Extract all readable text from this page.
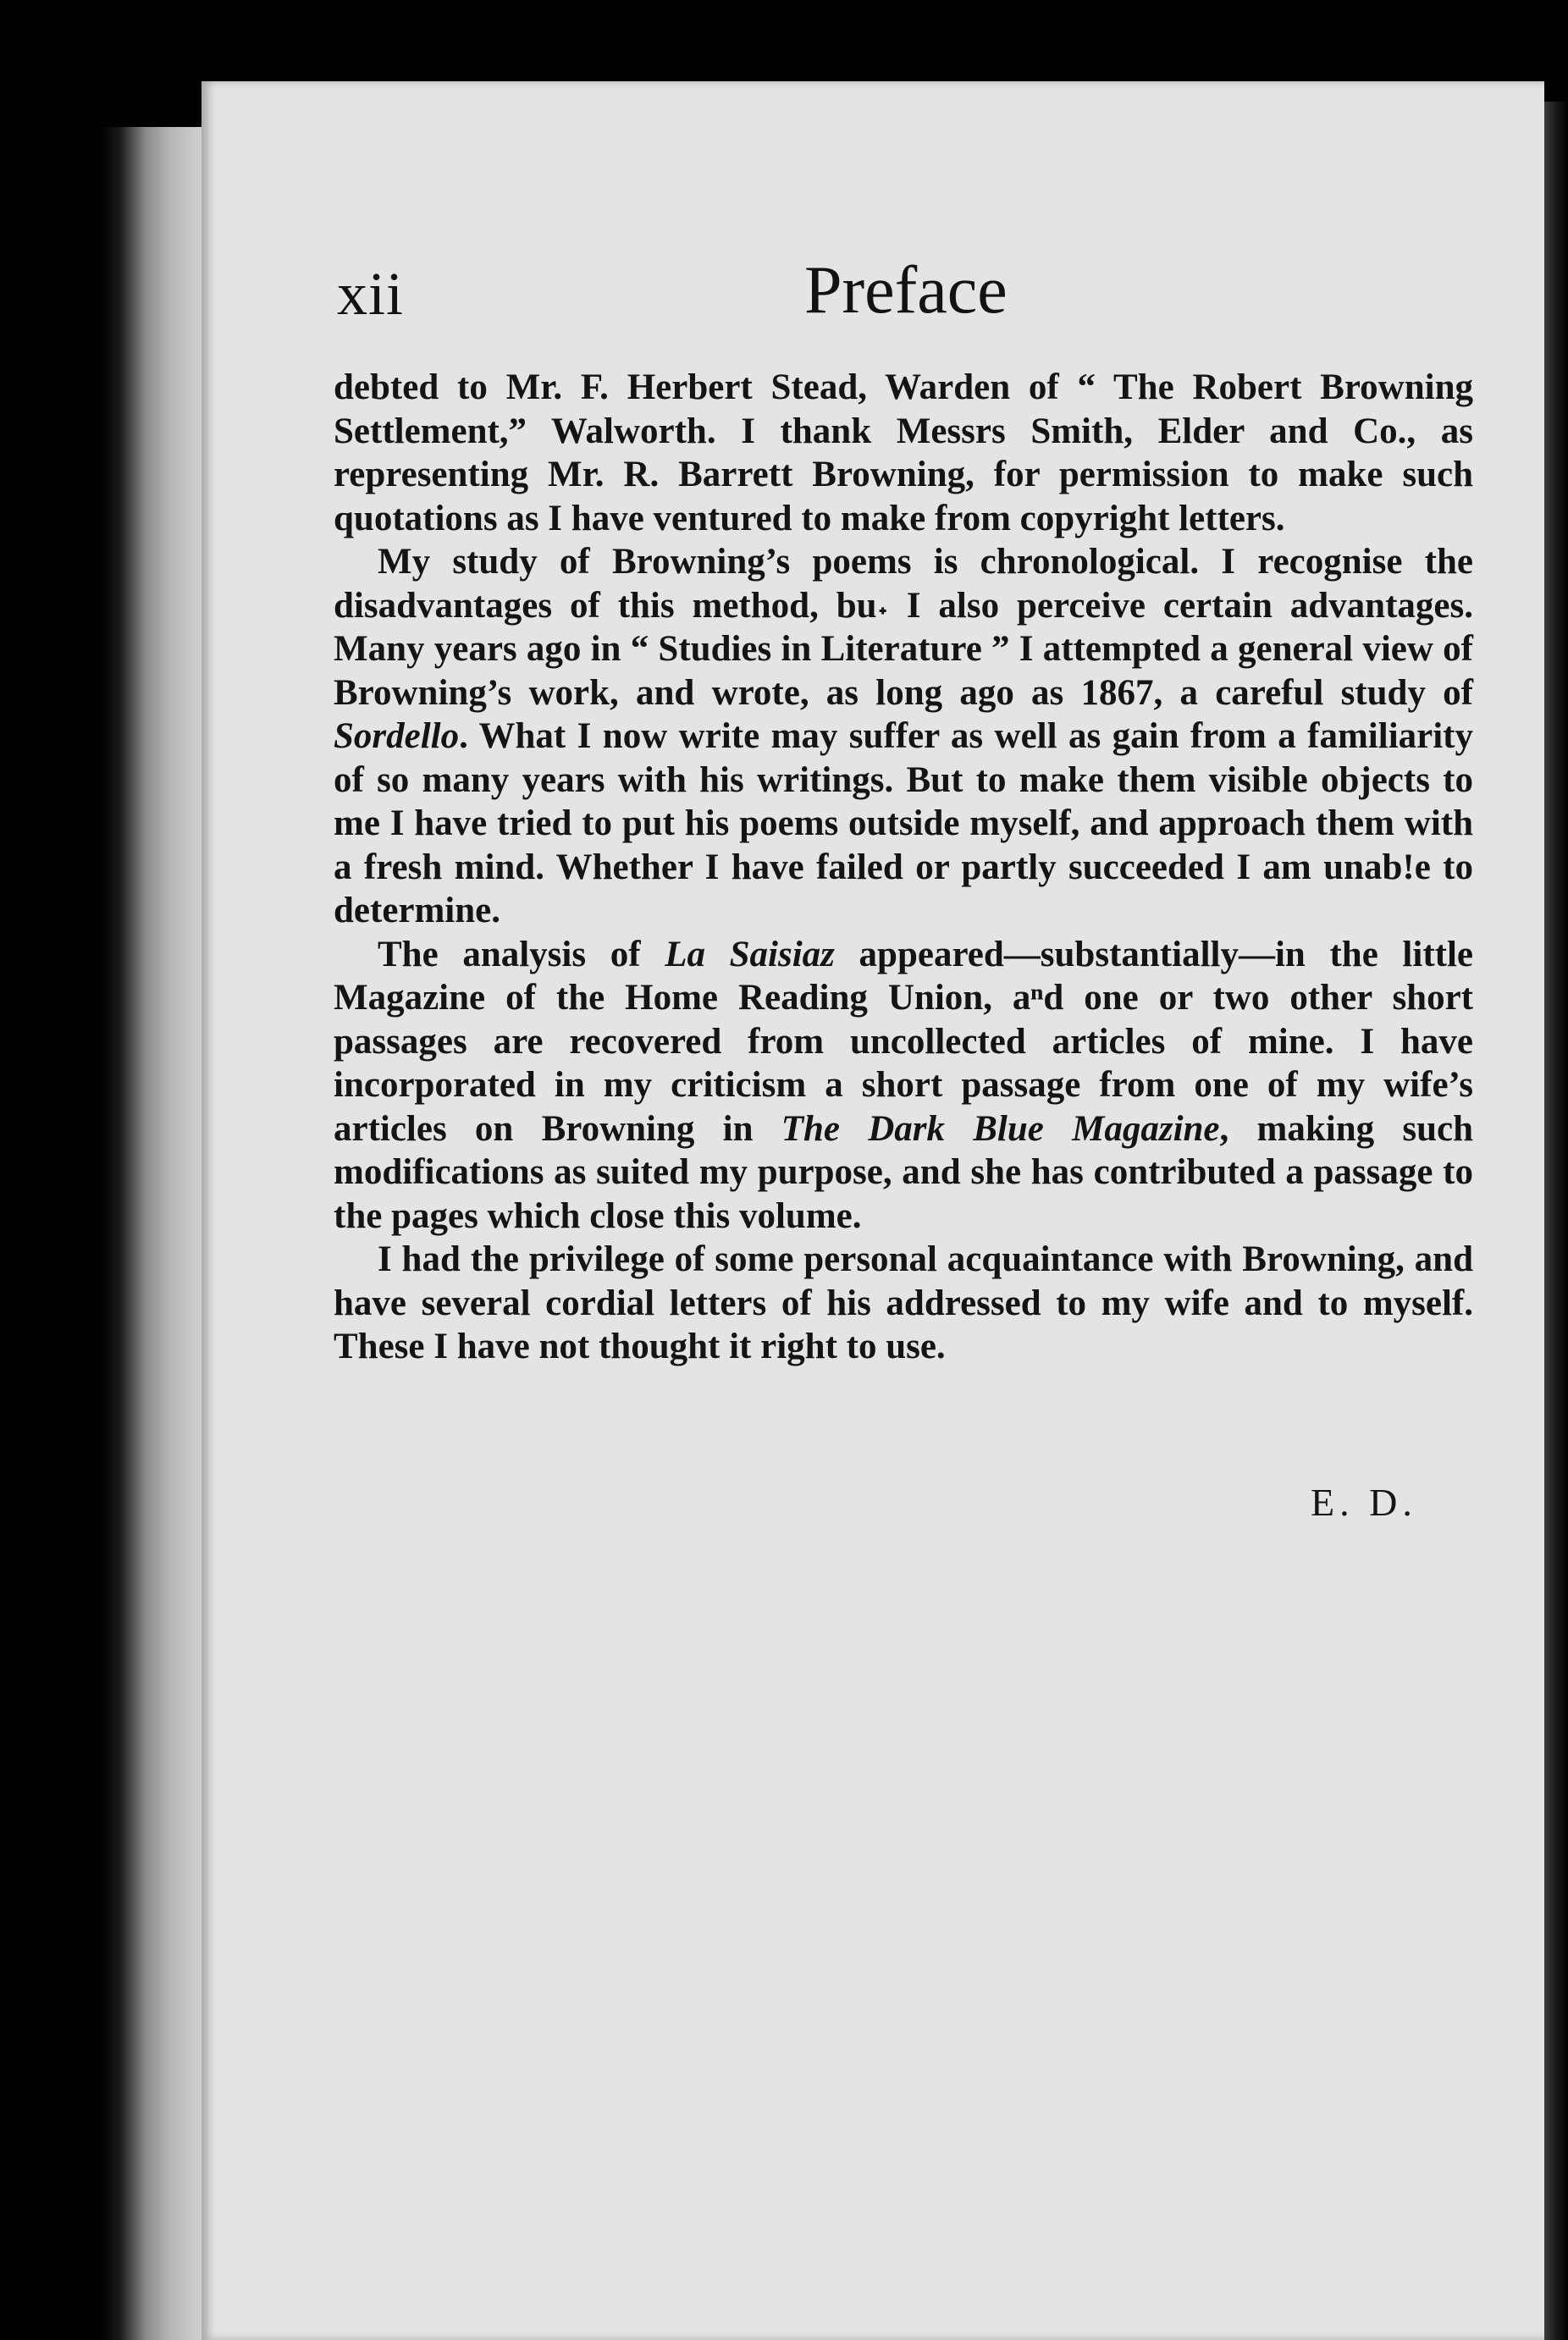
xii	Preface

debted to Mr. F. Herbert Stead, Warden of “ The Robert Browning Settlement,” Walworth. I thank Messrs Smith, Elder and Co., as representing Mr. R. Barrett Browning, for permission to make such quotations as I have ventured to make from copyright letters.

My study of Browning’s poems is chronological. I recognise the disadvantages of this method, bu˖ I also perceive certain advantages. Many years ago in “ Studies in Literature ” I attempted a general view of Browning’s work, and wrote, as long ago as 1867, a careful study of Sordello. What I now write may suffer as well as gain from a familiarity of so many years with his writings. But to make them visible objects to me I have tried to put his poems outside myself, and approach them with a fresh mind. Whether I have failed or partly succeeded I am unab!e to determine.

The analysis of La Saisiaz appeared—substantially—in the little Magazine of the Home Reading Union, aⁿd one or two other short passages are recovered from uncollected articles of mine. I have incorporated in my criticism a short passage from one of my wife’s articles on Browning in The Dark Blue Magazine, making such modifications as suited my purpose, and she has contributed a passage to the pages which close this volume.

I had the privilege of some personal acquaintance with Browning, and have several cordial letters of his addressed to my wife and to myself. These I have not thought it right to use.

E. D.
